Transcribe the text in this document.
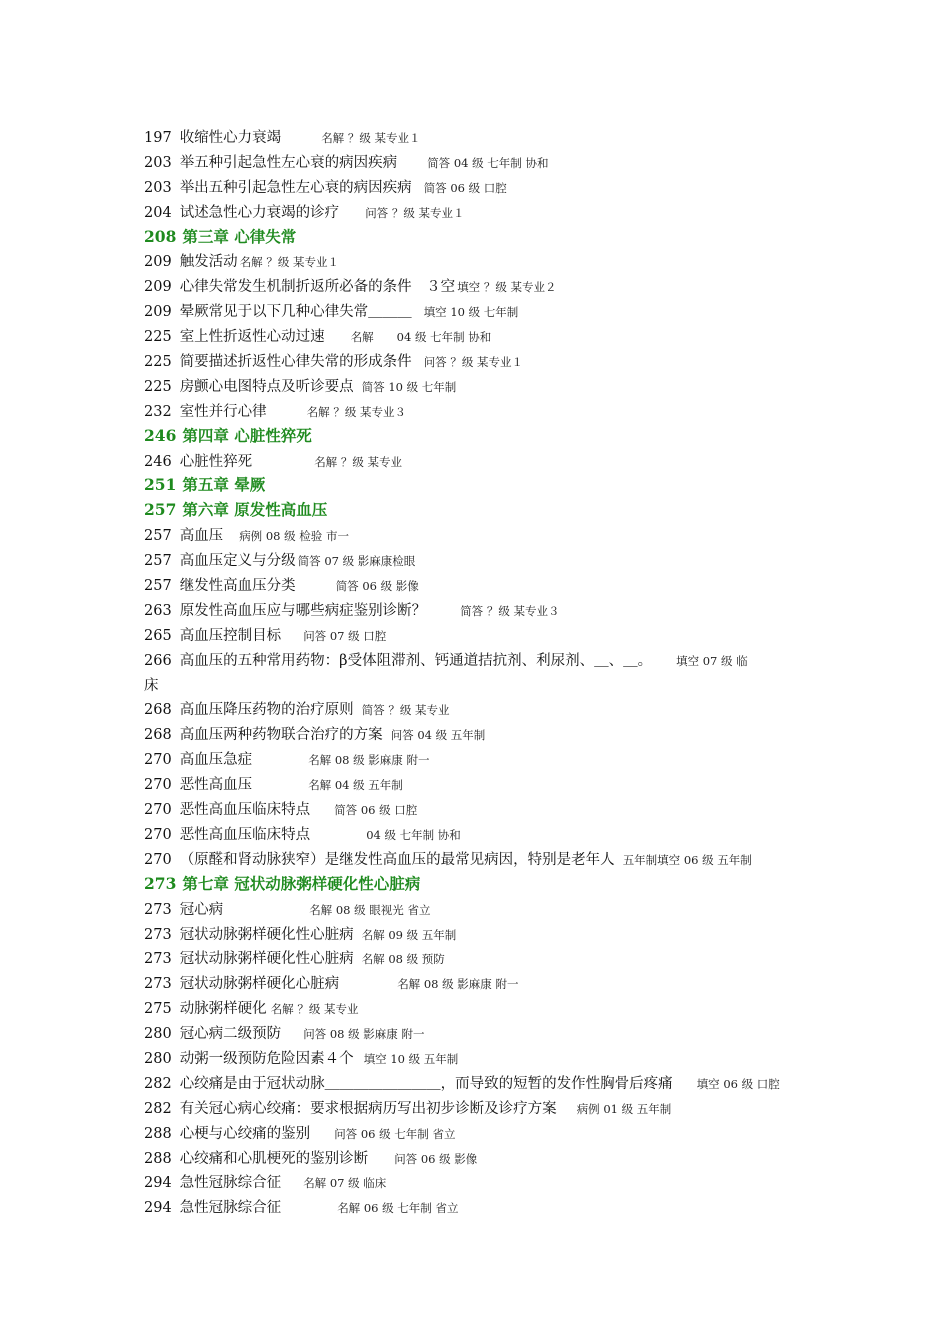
197 收缩性心力衰竭	名解 ？级 某专业１
203 举五种引起急性左心衰的病因疾病	简答 04 级 七年制 协和
203 举出五种引起急性左心衰的病因疾病 简答 06 级 口腔
204 试述急性心力衰竭的诊疗 问答 ？级 某专业１
208 第三章 心律失常
209 触发活动 名解 ？级 某专业１
209 心律失常发生机制折返所必备的条件　３空 填空 ？级 某专业２
209 晕厥常见于以下几种心律失常＿＿＿ 填空 10 级 七年制
225 室上性折返性心动过速 名解　　04 级 七年制 协和
225 简要描述折返性心律失常的形成条件 问答 ？级 某专业１
225 房颤心电图特点及听诊要点 简答 10 级 七年制
232 室性并行心律	名解 ？级 某专业３
246 第四章 心脏性猝死
246 心脏性猝死	名解 ？级 某专业
251 第五章 晕厥
257 第六章 原发性高血压
257 高血压 病例 08 级 检验 市一
257 高血压定义与分级 简答 07 级 影麻康检眼
257 继发性高血压分类	简答 06 级 影像
263 原发性高血压应与哪些病症鉴别诊断？	简答 ？级 某专业３
265 高血压控制目标 问答 07 级 口腔
266 高血压的五种常用药物：β受体阻滞剂、钙通道拮抗剂、利尿剂、＿、＿。 填空 07 级 临
床
268 高血压降压药物的治疗原则 简答 ？级 某专业
268 高血压两种药物联合治疗的方案 问答 04 级 五年制
270 高血压急症	名解 08 级 影麻康 附一
270 恶性高血压	名解 04 级 五年制
270 恶性高血压临床特点 简答 06 级 口腔
270 恶性高血压临床特点	04 级 七年制 协和
270 （原醛和肾动脉狭窄）是继发性高血压的最常见病因，特别是老年人 五年制填空 06 级 五年制
273 第七章 冠状动脉粥样硬化性心脏病
273 冠心病	名解 08 级 眼视光 省立
273 冠状动脉粥样硬化性心脏病 名解 09 级 五年制
273 冠状动脉粥样硬化性心脏病 名解 08 级 预防
273 冠状动脉粥样硬化心脏病	名解 08 级 影麻康 附一
275 动脉粥样硬化 名解 ？级 某专业
280 冠心病二级预防 问答 08 级 影麻康 附一
280 动粥一级预防危险因素４个 填空 10 级 五年制
282 心绞痛是由于冠状动脉＿＿＿＿＿＿＿＿，而导致的短暂的发作性胸骨后疼痛 填空 06 级 口腔
282 有关冠心病心绞痛：要求根据病历写出初步诊断及诊疗方案 病例 01 级 五年制
288 心梗与心绞痛的鉴别 问答 06 级 七年制 省立
288 心绞痛和心肌梗死的鉴别诊断 问答 06 级 影像
294 急性冠脉综合征 名解 07 级 临床
294 急性冠脉综合征	名解 06 级 七年制 省立
